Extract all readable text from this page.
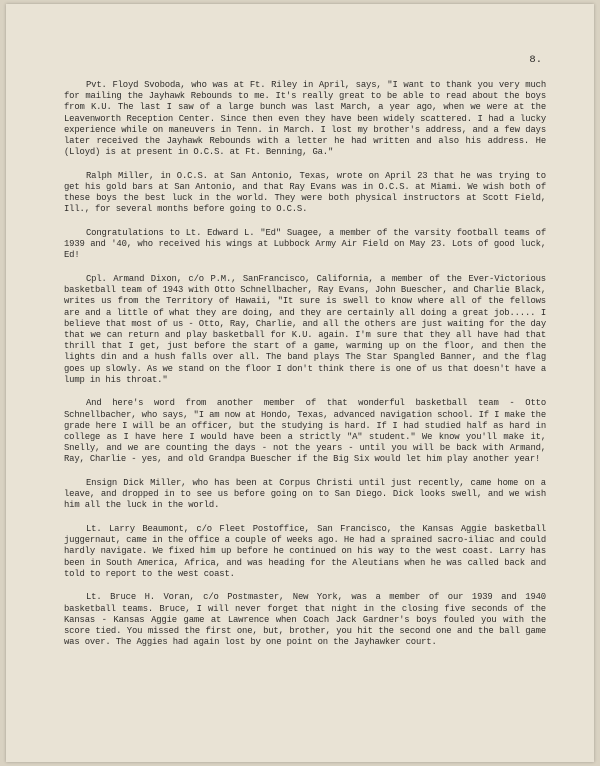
8.

Pvt. Floyd Svoboda, who was at Ft. Riley in April, says, "I want to thank you very much for mailing the Jayhawk Rebounds to me. It's really great to be able to read about the boys from K.U. The last I saw of a large bunch was last March, a year ago, when we were at the Leavenworth Reception Center. Since then even they have been widely scattered. I had a lucky experience while on maneuvers in Tenn. in March. I lost my brother's address, and a few days later received the Jayhawk Rebounds with a letter he had written and also his address. He (Lloyd) is at present in O.C.S. at Ft. Benning, Ga."

Ralph Miller, in O.C.S. at San Antonio, Texas, wrote on April 23 that he was trying to get his gold bars at San Antonio, and that Ray Evans was in O.C.S. at Miami. We wish both of these boys the best luck in the world. They were both physical instructors at Scott Field, Ill., for several months before going to O.C.S.

Congratulations to Lt. Edward L. "Ed" Suagee, a member of the varsity football teams of 1939 and '40, who received his wings at Lubbock Army Air Field on May 23. Lots of good luck, Ed!

Cpl. Armand Dixon, c/o P.M., SanFrancisco, California, a member of the Ever-Victorious basketball team of 1943 with Otto Schnellbacher, Ray Evans, John Buescher, and Charlie Black, writes us from the Territory of Hawaii, "It sure is swell to know where all of the fellows are and a little of what they are doing, and they are certainly all doing a great job..... I believe that most of us - Otto, Ray, Charlie, and all the others are just waiting for the day that we can return and play basketball for K.U. again. I'm sure that they all have had that thrill that I get, just before the start of a game, warming up on the floor, and then the lights din and a hush falls over all. The band plays The Star Spangled Banner, and the flag goes up slowly. As we stand on the floor I don't think there is one of us that doesn't have a lump in his throat."

And here's word from another member of that wonderful basketball team - Otto Schnellbacher, who says, "I am now at Hondo, Texas, advanced navigation school. If I make the grade here I will be an officer, but the studying is hard. If I had studied half as hard in college as I have here I would have been a strictly "A" student." We know you'll make it, Snelly, and we are counting the days - not the years - until you will be back with Armand, Ray, Charlie - yes, and old Grandpa Buescher if the Big Six would let him play another year!

Ensign Dick Miller, who has been at Corpus Christi until just recently, came home on a leave, and dropped in to see us before going on to San Diego. Dick looks swell, and we wish him all the luck in the world.

Lt. Larry Beaumont, c/o Fleet Postoffice, San Francisco, the Kansas Aggie basketball juggernaut, came in the office a couple of weeks ago. He had a sprained sacro-iliac and could hardly navigate. We fixed him up before he continued on his way to the west coast. Larry has been in South America, Africa, and was heading for the Aleutians when he was called back and told to report to the west coast.

Lt. Bruce H. Voran, c/o Postmaster, New York, was a member of our 1939 and 1940 basketball teams. Bruce, I will never forget that night in the closing five seconds of the Kansas - Kansas Aggie game at Lawrence when Coach Jack Gardner's boys fouled you with the score tied. You missed the first one, but, brother, you hit the second one and the ball game was over. The Aggies had again lost by one point on the Jayhawker court.
